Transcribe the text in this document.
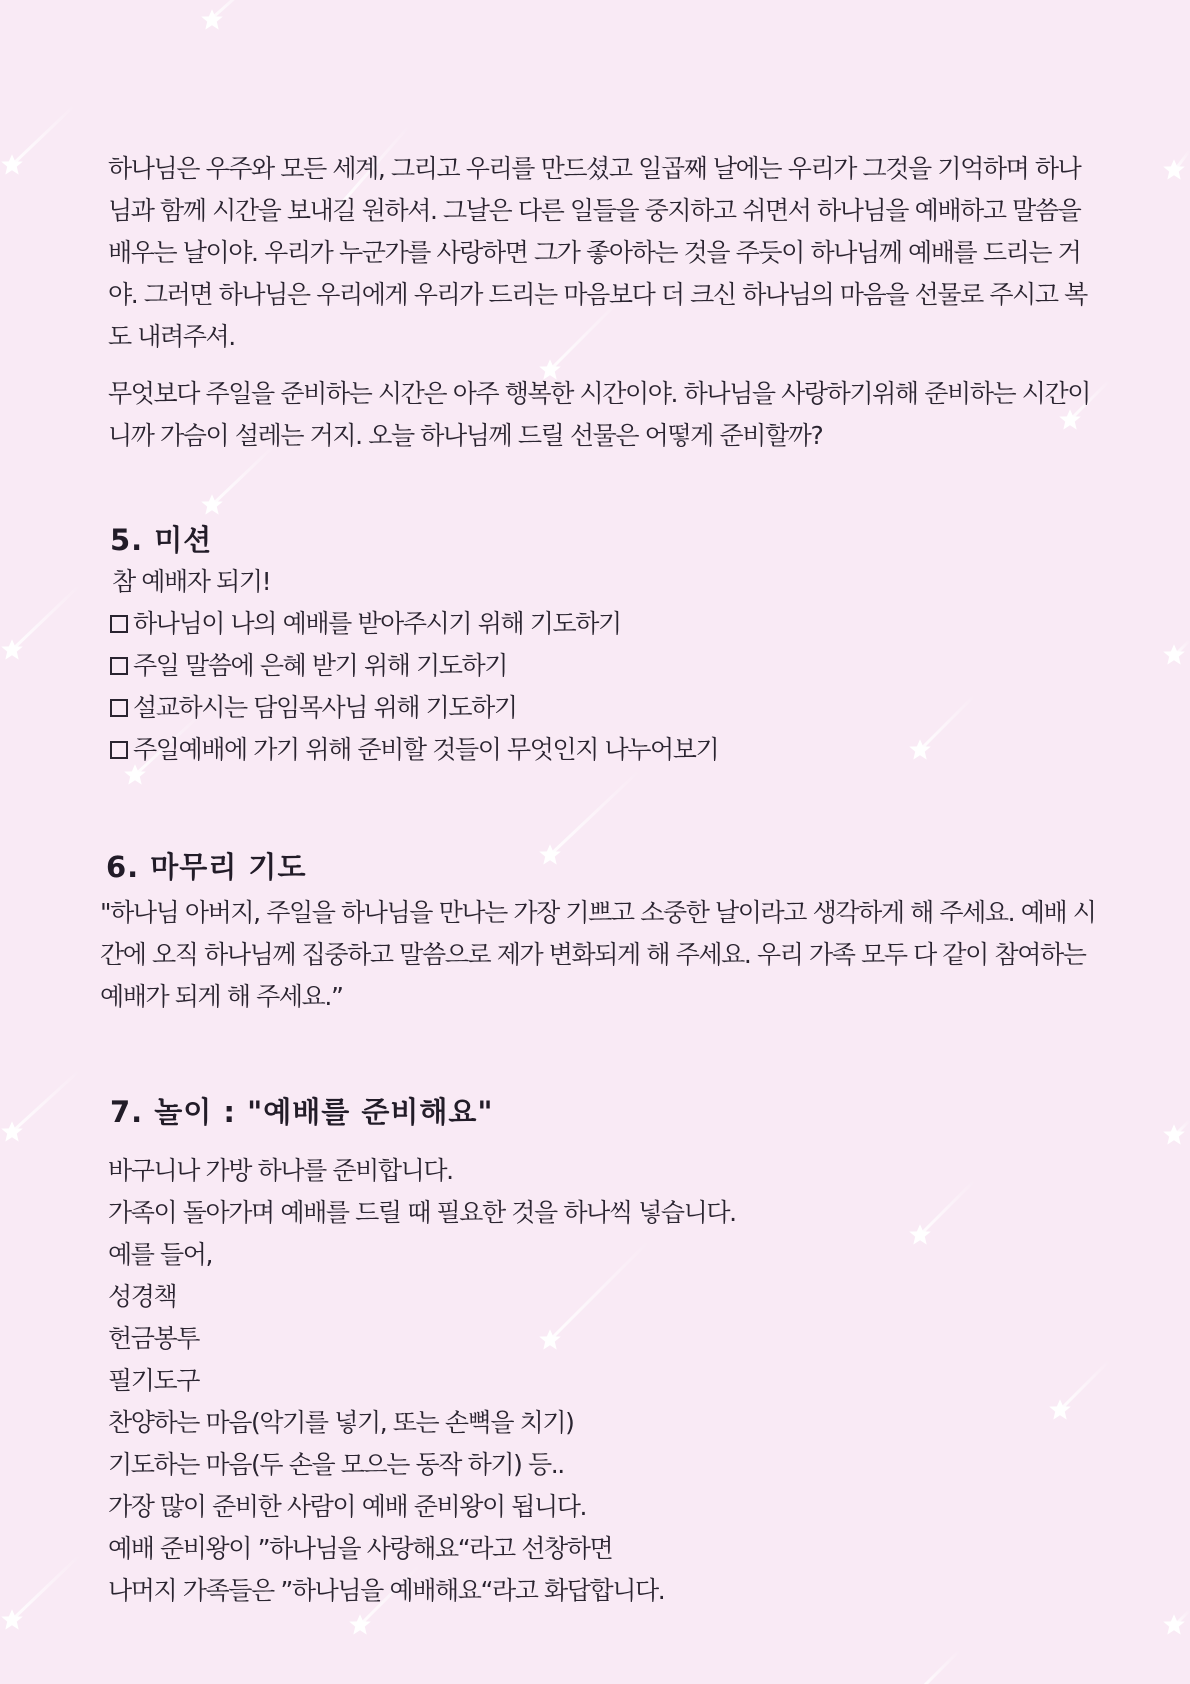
하나님은 우주와 모든 세계, 그리고 우리를 만드셨고 일곱째 날에는 우리가 그것을 기억하며 하나님과 함께 시간을 보내길 원하셔. 그날은 다른 일들을 중지하고 쉬면서 하나님을 예배하고 말씀을 배우는 날이야. 우리가 누군가를 사랑하면 그가 좋아하는 것을 주듯이 하나님께 예배를 드리는 거야. 그러면 하나님은 우리에게 우리가 드리는 마음보다 더 크신 하나님의 마음을 선물로 주시고 복도 내려주셔.

무엇보다 주일을 준비하는 시간은 아주 행복한 시간이야. 하나님을 사랑하기위해 준비하는 시간이니까 가슴이 설레는 거지. 오늘 하나님께 드릴 선물은 어떻게 준비할까?

5. 미션

참 예배자 되기!

하나님이 나의 예배를 받아주시기 위해 기도하기
주일 말씀에 은혜 받기 위해 기도하기
설교하시는 담임목사님 위해 기도하기
주일예배에 가기 위해 준비할 것들이 무엇인지 나누어보기
6. 마무리 기도

"하나님 아버지, 주일을 하나님을 만나는 가장 기쁘고 소중한 날이라고 생각하게 해 주세요. 예배 시간에 오직 하나님께 집중하고 말씀으로 제가 변화되게 해 주세요. 우리 가족 모두 다 같이 참여하는 예배가 되게 해 주세요.”

7. 놀이 : "예배를 준비해요"
바구니나 가방 하나를 준비합니다.
가족이 돌아가며 예배를 드릴 때 필요한 것을 하나씩 넣습니다.
예를 들어,
성경책
헌금봉투
필기도구
찬양하는 마음(악기를 넣기, 또는 손뼉을 치기)
기도하는 마음(두 손을 모으는 동작 하기) 등..
가장 많이 준비한 사람이 예배 준비왕이 됩니다.
예배 준비왕이 ”하나님을 사랑해요“라고 선창하면
나머지 가족들은 ”하나님을 예배해요“라고 화답합니다.
